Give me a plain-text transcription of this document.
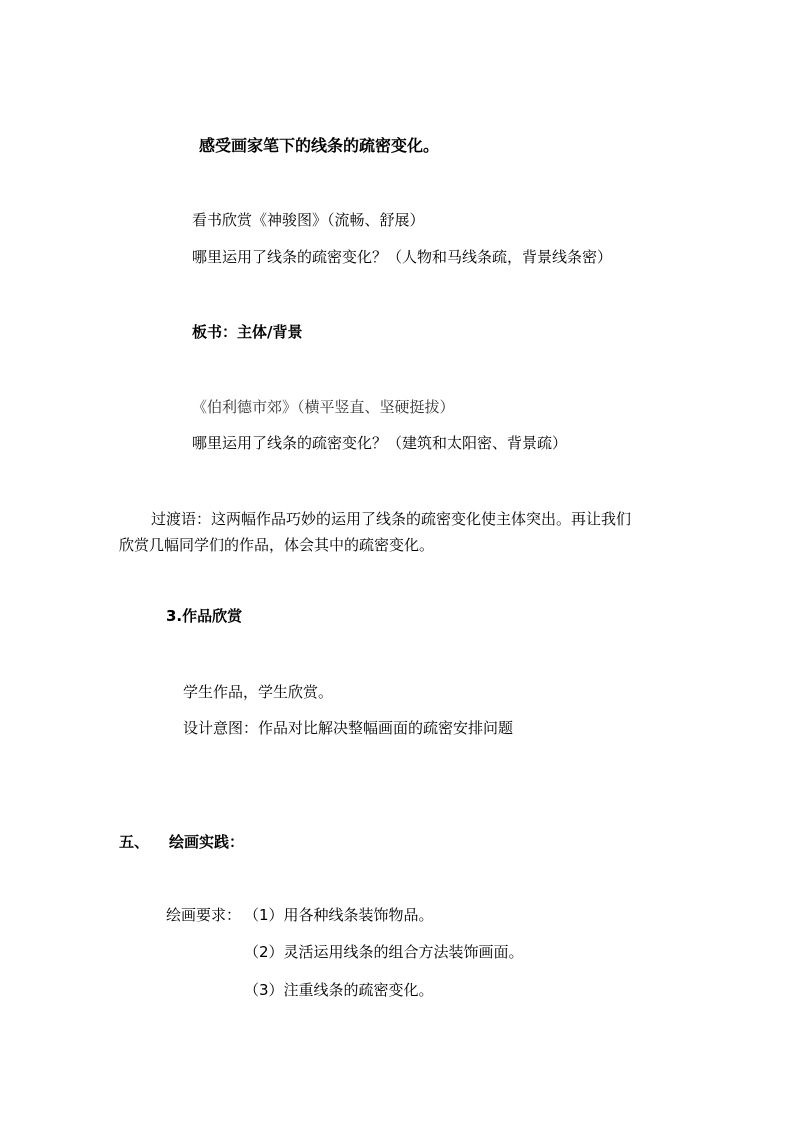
感受画家笔下的线条的疏密变化。
看书欣赏《神骏图》（流畅、舒展）
哪里运用了线条的疏密变化？（人物和马线条疏，背景线条密）
板书：主体/背景
《伯利德市郊》（横平竖直、坚硬挺拔）
哪里运用了线条的疏密变化？（建筑和太阳密、背景疏）
过渡语：这两幅作品巧妙的运用了线条的疏密变化使主体突出。再让我们
欣赏几幅同学们的作品，体会其中的疏密变化。
3.作品欣赏
学生作品，学生欣赏。
设计意图：作品对比解决整幅画面的疏密安排问题
五、 绘画实践：
绘画要求： （1）用各种线条装饰物品。
（2）灵活运用线条的组合方法装饰画面。
（3）注重线条的疏密变化。
